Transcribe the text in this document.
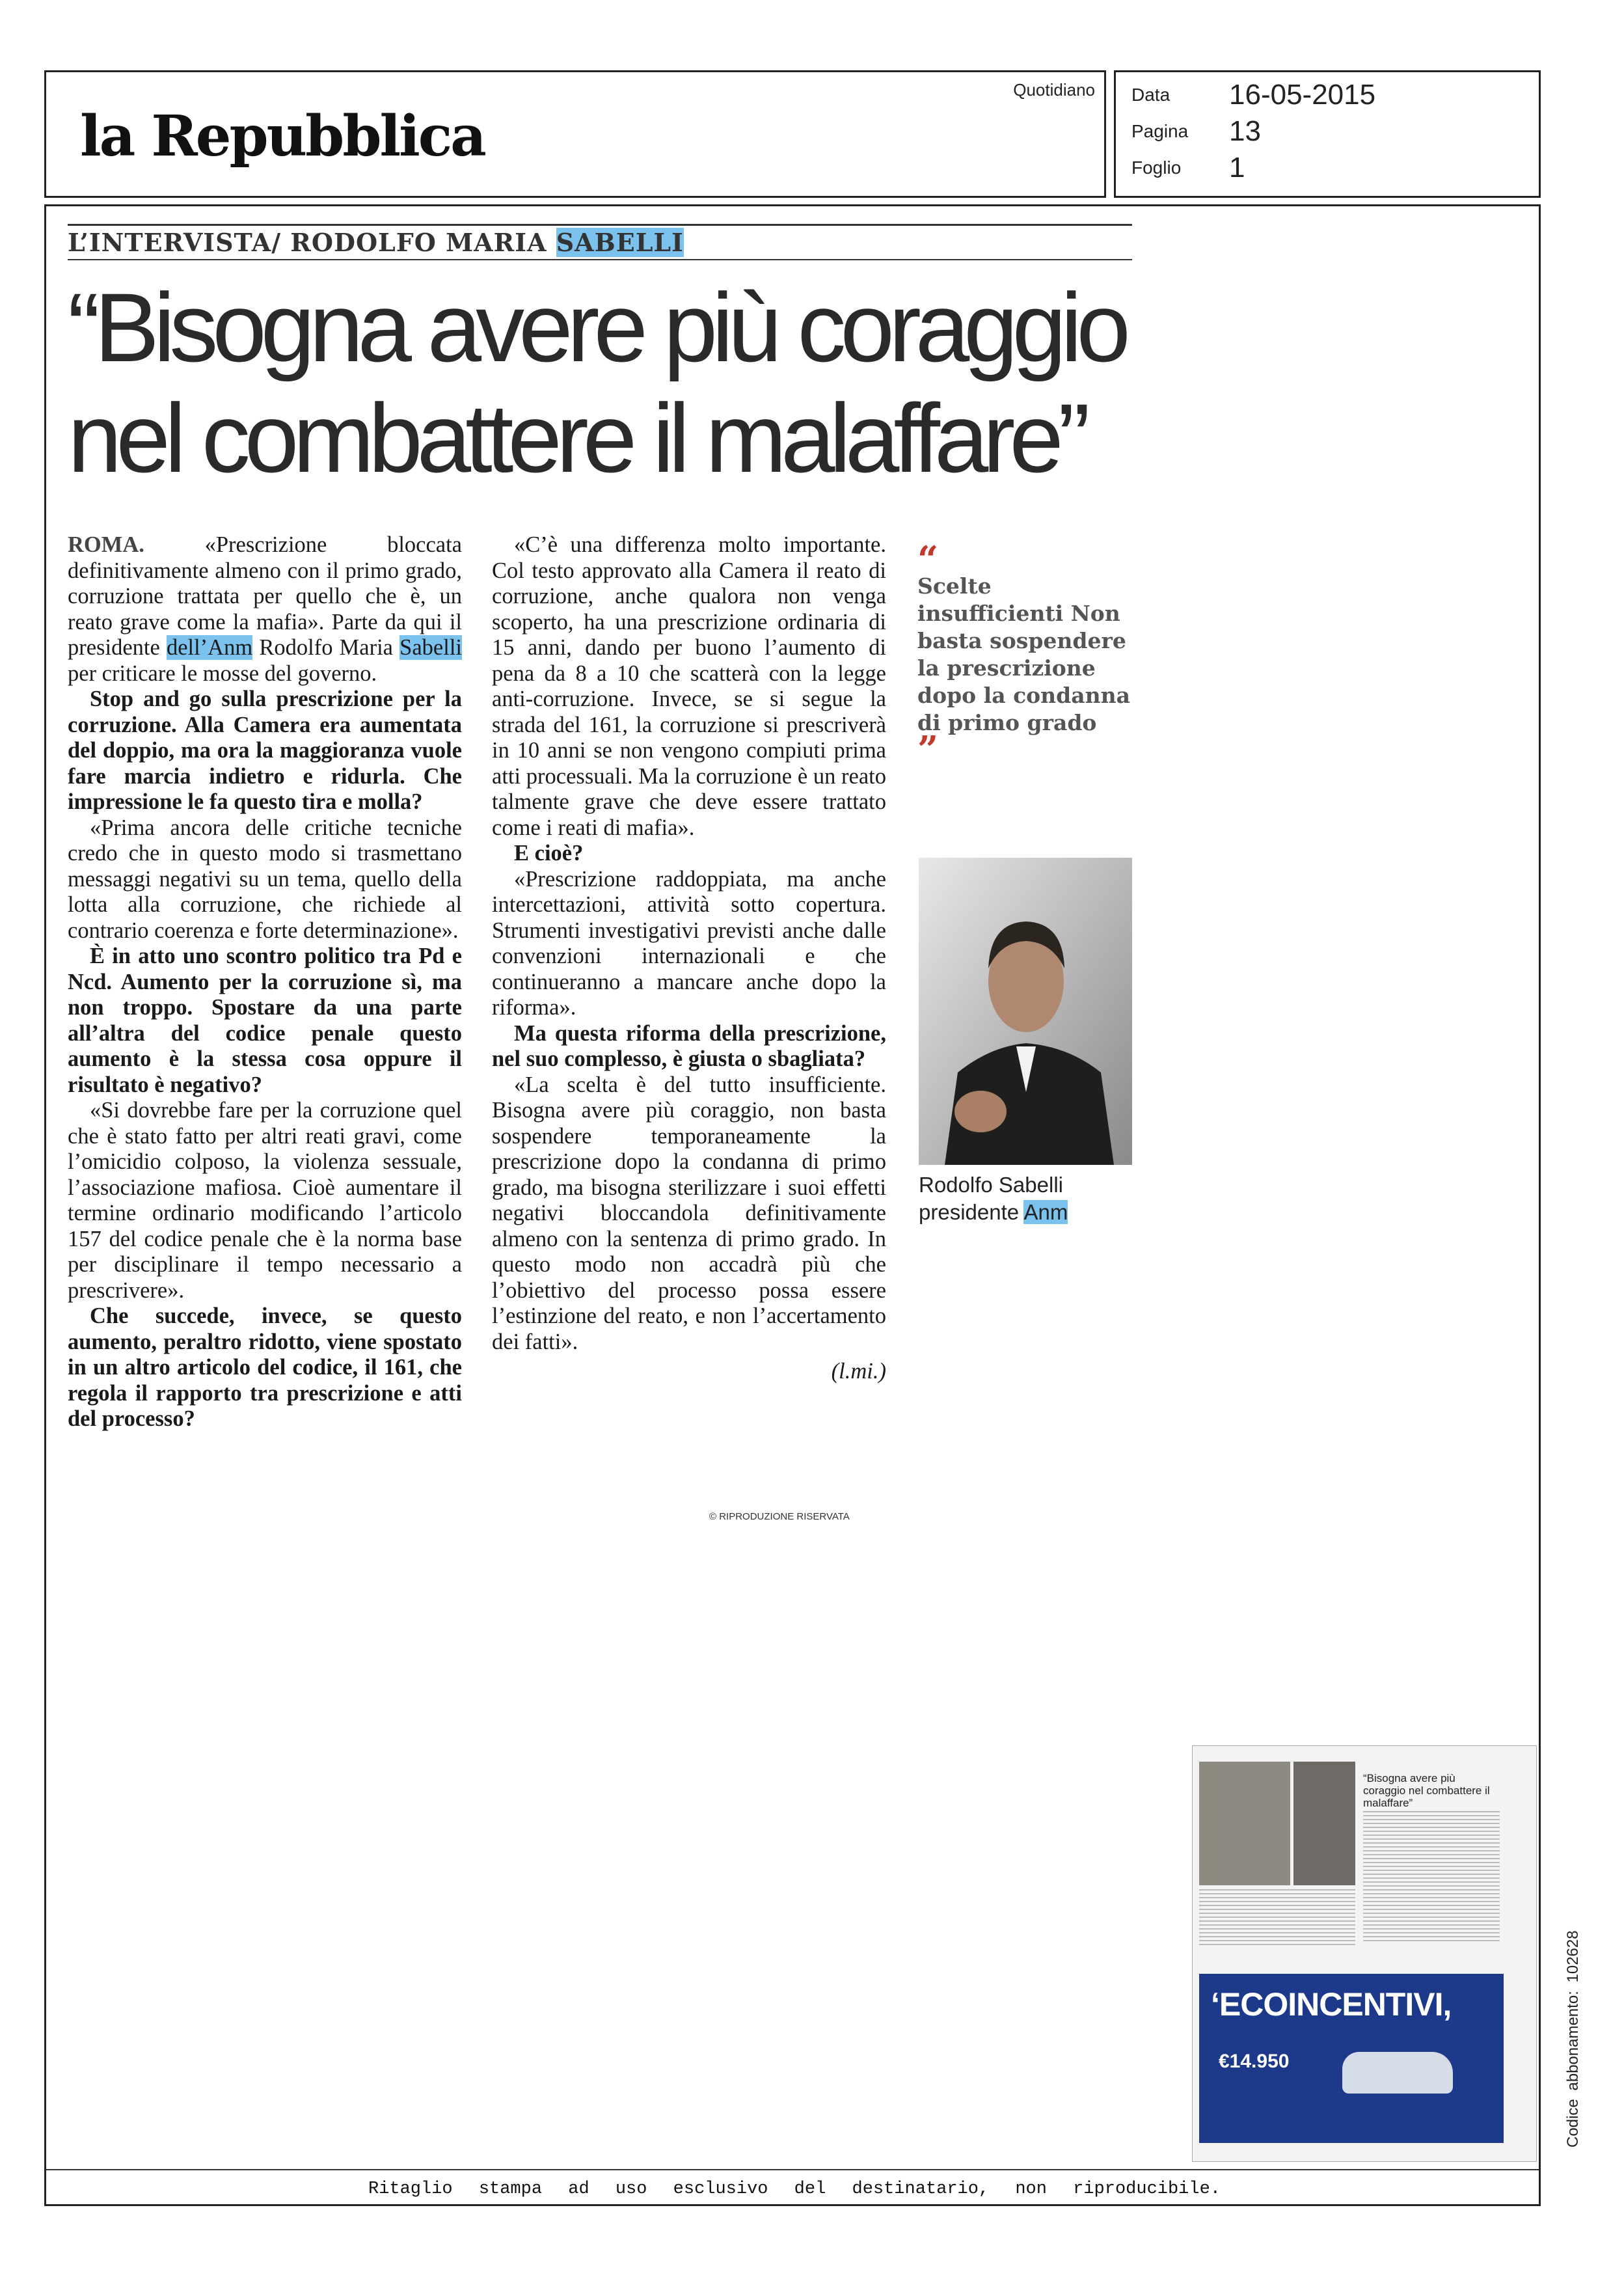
la Repubblica
Quotidiano Data 16-05-2015
Pagina 13
Foglio 1
Ritaglio stampa ad uso esclusivo del destinatario, non riproducibile.
L’INTERVISTA/ RODOLFO MARIA SABELLI
“Bisogna avere più coraggio
nel combattere il malaffare”

ROMA. «Prescrizione bloccata definitivamente almeno con il primo grado, corruzione trattata per quello che è, un reato grave come la mafia». Parte da qui il presidente dell’Anm Rodolfo Maria Sabelli per criticare le mosse del governo.

Stop and go sulla prescrizione per la corruzione. Alla Camera era aumentata del doppio, ma ora la maggioranza vuole fare marcia indietro e ridurla. Che impressione le fa questo tira e molla?

«Prima ancora delle critiche tecniche credo che in questo modo si trasmettano messaggi negativi su un tema, quello della lotta alla corruzione, che richiede al contrario coerenza e forte determinazione».

È in atto uno scontro politico tra Pd e Ncd. Aumento per la corruzione sì, ma non troppo. Spostare da una parte all’altra del codice penale questo aumento è la stessa cosa oppure il risultato è negativo?

«Si dovrebbe fare per la corruzione quel che è stato fatto per altri reati gravi, come l’omicidio colposo, la violenza sessuale, l’associazione mafiosa. Cioè aumentare il termine ordinario modificando l’articolo 157 del codice penale che è la norma base per disciplinare il tempo necessario a prescrivere».

Che succede, invece, se questo aumento, peraltro ridotto, viene spostato in un altro articolo del codice, il 161, che regola il rapporto tra prescrizione e atti del processo?

«C’è una differenza molto importante. Col testo approvato alla Camera il reato di corruzione, anche qualora non venga scoperto, ha una prescrizione ordinaria di 15 anni, dando per buono l’aumento di pena da 8 a 10 che scatterà con la legge anti-corruzione. Invece, se si segue la strada del 161, la corruzione si prescriverà in 10 anni se non vengono compiuti prima atti processuali. Ma la corruzione è un reato talmente grave che deve essere trattato come i reati di mafia».

E cioè?

«Prescrizione raddoppiata, ma anche intercettazioni, attività sotto copertura. Strumenti investigativi previsti anche dalle convenzioni internazionali e che continueranno a mancare anche dopo la riforma».

Ma questa riforma della prescrizione, nel suo complesso, è giusta o sbagliata?

«La scelta è del tutto insufficiente. Bisogna avere più coraggio, non basta sospendere temporaneamente la prescrizione dopo la condanna di primo grado, ma bisogna sterilizzare i suoi effetti negativi bloccandola definitivamente almeno con la sentenza di primo grado. In questo modo non accadrà più che l’obiettivo del processo possa essere l’estinzione del reato, e non l’accertamento dei fatti».

(l.mi.)

© RIPRODUZIONE RISERVATA
“
Scelte insufficienti Non basta sospendere la prescrizione dopo la condanna di primo grado
”
Rodolfo Sabelli
presidente Anm
“Bisogna avere più coraggio nel combattere il malaffare”
‘ECOINCENTIVI,
€14.950	Codice abbonamento: 102628
